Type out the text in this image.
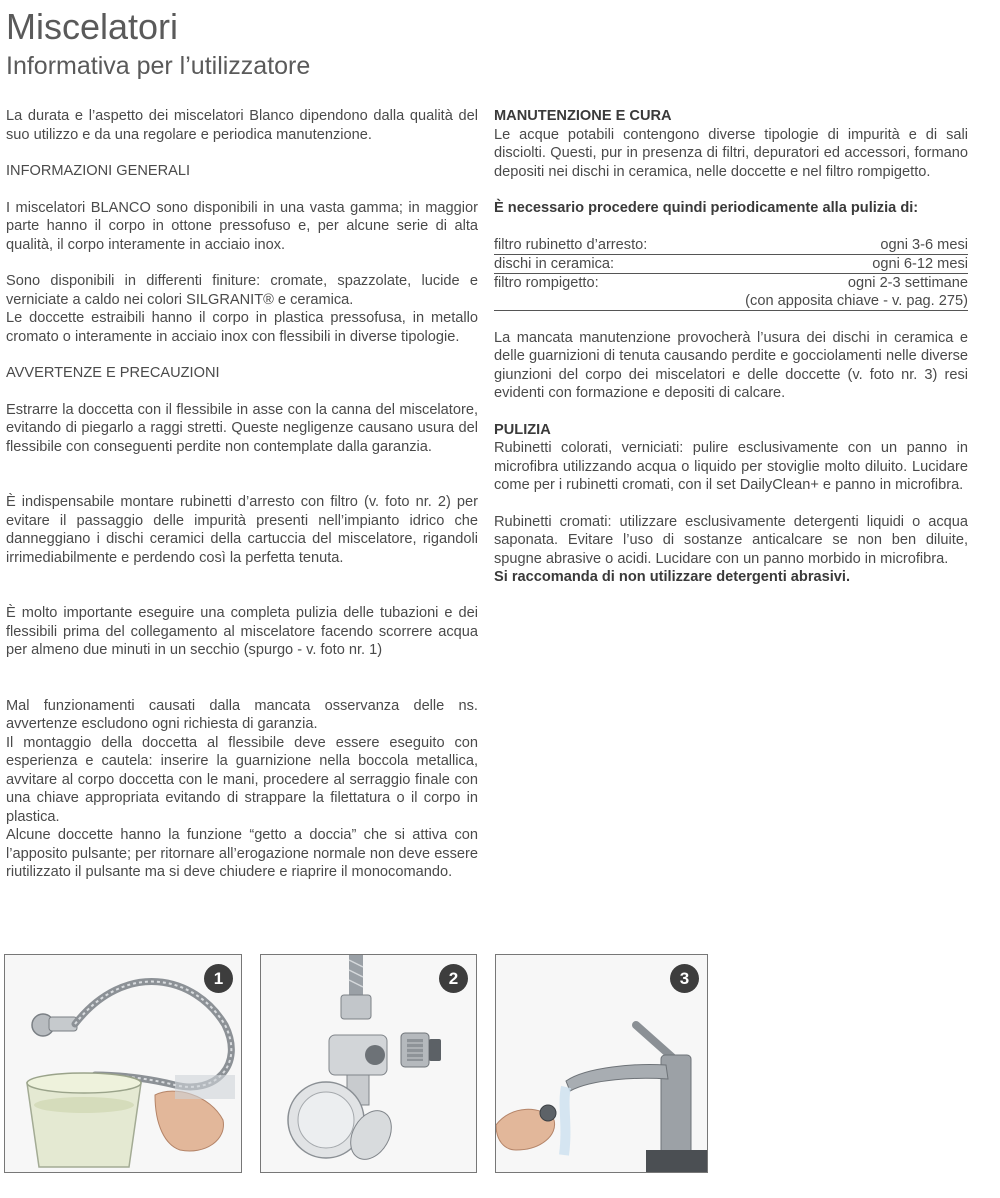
Miscelatori
Informativa per l’utilizzatore

La durata e l’aspetto dei miscelatori Blanco dipendono dalla qualità del suo utilizzo e da una regolare e periodica manutenzione.

INFORMAZIONI GENERALI

I miscelatori BLANCO sono disponibili in una vasta gamma; in maggior parte hanno il corpo in ottone pressofuso e, per alcune serie di alta qualità, il corpo interamente in acciaio inox.

Sono disponibili in differenti finiture: cromate, spazzolate, lucide e verniciate a caldo nei colori SILGRANIT® e ceramica.

Le doccette estraibili hanno il corpo in plastica pressofusa, in metallo cromato o interamente in acciaio inox con flessibili in diverse tipologie.

AVVERTENZE E PRECAUZIONI

Estrarre la doccetta con il flessibile in asse con la canna del miscelatore, evitando di piegarlo a raggi stretti. Queste negligenze causano usura del flessibile con conseguenti perdite non contemplate dalla garanzia.

È indispensabile montare rubinetti d’arresto con filtro (v. foto nr. 2) per evitare il passaggio delle impurità presenti nell’impianto idrico che danneggiano i dischi ceramici della cartuccia del miscelatore, rigandoli irrimediabilmente e perdendo così la perfetta tenuta.

È molto importante eseguire una completa pulizia delle tubazioni e dei flessibili prima del collegamento al miscelatore facendo scorrere acqua per almeno due minuti in un secchio (spurgo - v. foto nr. 1)

Mal funzionamenti causati dalla mancata osservanza delle ns. avvertenze escludono ogni richiesta di garanzia.

Il montaggio della doccetta al flessibile deve essere eseguito con esperienza e cautela: inserire la guarnizione nella boccola metallica, avvitare al corpo doccetta con le mani, procedere al serraggio finale con una chiave appropriata evitando di strappare la filettatura o il corpo in plastica.

Alcune doccette hanno la funzione “getto a doccia” che si attiva con l’apposito pulsante; per ritornare all’erogazione normale non deve essere riutilizzato il pulsante ma si deve chiudere e riaprire il monocomando.

MANUTENZIONE E CURA

Le acque potabili contengono diverse tipologie di impurità e di sali disciolti. Questi, pur in presenza di filtri, depuratori ed accessori, formano depositi nei dischi in ceramica, nelle doccette e nel filtro rompigetto.

È necessario procedere quindi periodicamente alla pulizia di:

filtro rubinetto d’arresto:	ogni 3-6 mesi
dischi in ceramica:	ogni 6-12 mesi
filtro rompigetto:	ogni 2-3 settimane
	(con apposita chiave - v. pag. 275)

La mancata manutenzione provocherà l’usura dei dischi in ceramica e delle guarnizioni di tenuta causando perdite e gocciolamenti nelle diverse giunzioni del corpo dei miscelatori e delle doccette (v. foto nr. 3) resi evidenti con formazione e depositi di calcare.

PULIZIA

Rubinetti colorati, verniciati: pulire esclusivamente con un panno in microfibra utilizzando acqua o liquido per stoviglie molto diluito. Lucidare come per i rubinetti cromati, con il set DailyClean+ e panno in microfibra.

Rubinetti cromati: utilizzare esclusivamente detergenti liquidi o acqua saponata. Evitare l’uso di sostanze anticalcare se non ben diluite, spugne abrasive o acidi. Lucidare con un panno morbido in microfibra.

Si raccomanda di non utilizzare detergenti abrasivi.

1	2	3
